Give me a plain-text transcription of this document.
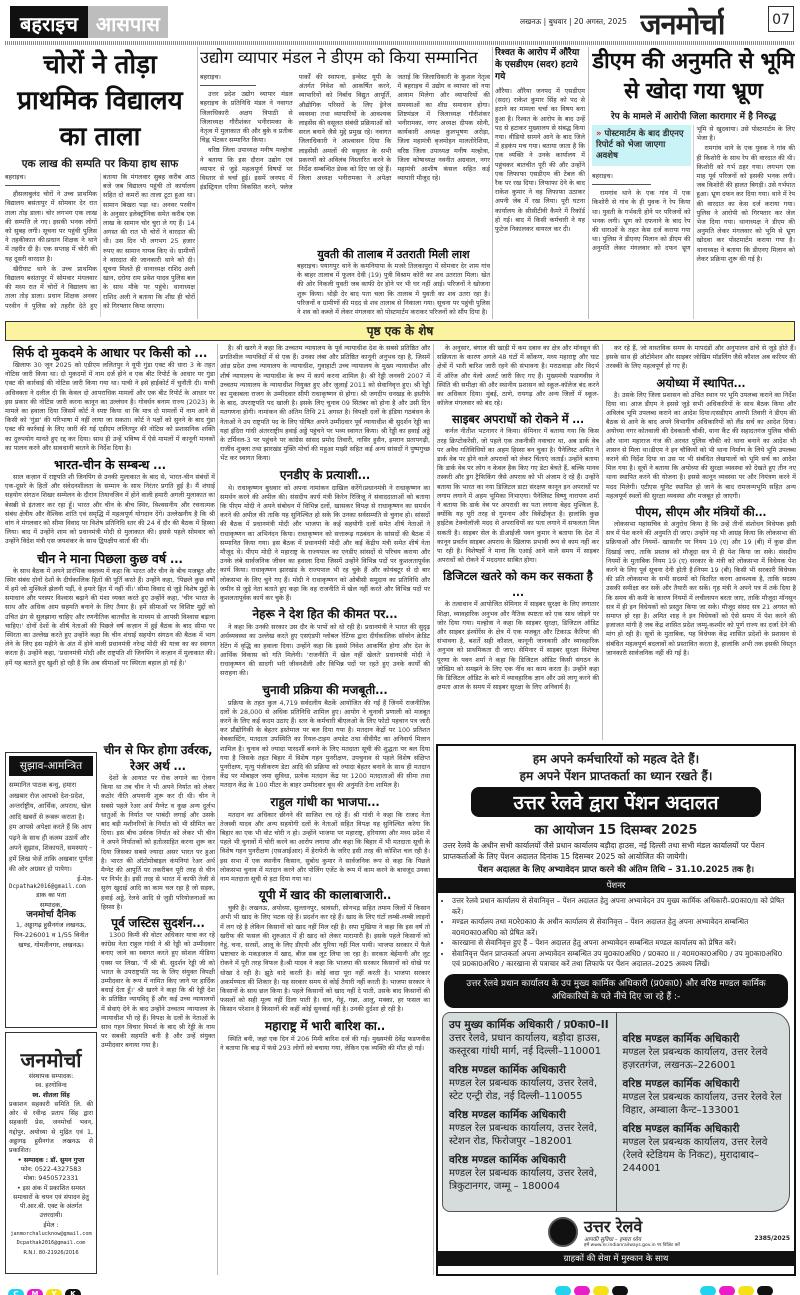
बहराइच आसपास	लखनऊ | बुधवार | 20 अगस्त, 2025 जनमोर्चा	07
चोरों ने तोड़ा प्राथमिक विद्यालय का ताला
एक लाख की सम्पति पर किया हाथ साफ
बहराइच।

हौसलाबुलंद चोरों ने उच्च प्राथमिक विद्यालय बसंतापुर में सोमवार देर रात ताला तोड़ डाला। चोर लगभग एक लाख की सम्पत्ति ले गए। इसकी भनक लोगों को सुबह लगी। सूचना पर पहुंची पुलिस ने तहकीकात की।प्रधान शिक्षक ने थाने में तहरीर दी है। एक सप्ताह में चोरी की यह दूसरी वारदात है।

खैरीघाट थाने के उच्च प्राथमिक विद्यालय बसंतापुर में सोमवार मंगलवार की मध्य रात में चोरों ने विद्यालय का ताला तोड़ डाला। प्रधान शिक्षक अनवर परवीन ने पुलिस को तहरीर देते हुए बताया कि मंगलवार सुबह करीब आठ बजे जब विद्यालय पहुंची तो कार्यालय सहित दो कमरों का ताला टूटा हुआ था। सामान बिखरा पड़ा था। अनवर परवीन के अनुसार इलेक्ट्रॉनिक समेत करीब एक लाख के सामान चोर चुरा ले गए हैं। 14 अगस्त की रात भी चोरों ने वारदात की थी। उस दिन भी लगभग 25 हजार रुपए का सामान गायब किए थे। ग्रामीणों ने वारदात की जानकारी थाने को दी। सूचना मिलते ही थानाध्यक्ष राशिद अली खान, दरोगा राम प्रवेश यादव पुलिस बल के साथ मौके पर पहुंचे। थानाध्यक्ष राशिद अली ने बताया कि शीघ्र ही चोरों को गिरफ्तार किया जाएगा।

उद्योग व्यापार मंडल ने डीएम को किया सम्मानित
बहराइच।

उत्तर प्रदेश उद्योग व्यापार मंडल बहराइच के प्रतिनिधि मंडल ने नवागत जिलाधिकारी अक्षय त्रिपाठी से जिलाध्यक्ष गौरीशंकर भनीरामका के नेतृत्व में मुलाकात की और बुके व प्रतीक चिह्न भेंटकर सम्मानित किया।

वरिष्ठ जिला उपाध्यक्ष मनीष मल्होत्रा ने बताया कि इस दौरान उद्योग एवं व्यापार से जुड़े महत्वपूर्ण विषयों पर विस्तार से चर्चा हुई। इसमें जनपद में इंडस्ट्रियल एरिया विकसित करने, फ्लेज पार्कों की स्थापना, इन्वेस्ट यूपी के अंतर्गत निवेश को आकर्षित करने, व्यापारियों को निर्बाध विद्युत आपूर्ति, औद्योगिक परिसरों के लिए ड्रेनेज व्यवस्था तथा व्यापारियों के आवश्यक लाइसेंस की वसूलत संबंधी प्रक्रियाओं को सरल बनाने जैसे मुद्दे प्रमुख रहे। नवागत जिलाधिकारी ने आश्वासन दिया कि लाइसेंसी अमलों की वसूलत के सभी प्रकरणों को अविलंब निस्तारित करने के निर्देश सम्बन्धित डेस्क को दिए जा रहे हैं। जिला अध्यक्ष भनीरामका ने अपेक्षा जताई कि जिलाधिकारी के कुशल नेतृत्व में बहराइच में उद्योग व व्यापार को नया आयाम मिलेगा और व्यापारियों की समस्याओं का शीघ्र समाधान होगा। शिष्टमंडल में जिलाध्यक्ष गौरीशंकर भनीरामका, नगर अध्यक्ष दीपक सोनी, कार्यकारी अध्यक्ष कुलभूषण अरोड़ा, जिला महामंत्री बृजमोहन मालतोरेशिया, वरिष्ठ जिला उपाध्यक्ष मनीष मल्होत्रा, जिला कोषाध्यक्ष नवनीत अग्रवाल, नगर महामंत्री आशीष कंसल सहित कई व्यापारी मौजूद रहे।

युवती की तालाब में उतराती मिली लाश
बहराइच। पयागपुर थाने के कमनियापा के मजरे तिलकापुरा में सोमवार देर शाम गांव के बाहर तालाब में फूलन देवी (19) पुत्री विश्राम कोरी का शव उतराता मिला। खेत की ओर निकली युवती जब काफी देर होने पर भी घर नहीं आई। परिजनों ने खोजना शुरू किया। थोड़ी देर बाद पता चला कि तालाब में युवती का शव उतरा रहा है। परिजनों व ग्रामीणों की मदद से शव तालाब से निकाला गया। सूचना पर पहुंची पुलिस ने शव को कब्जे में लेकर मंगलवार को पोस्टमार्टम कराकर परिजनों को सौंप दिया है।
रिश्वत के आरोप में औरैया के एसडीएम (सदर) हटाये गये
औरैया। औरैया जनपद में एसडीएम (सदर) राकेश कुमार सिंह को पद से हटाने का मामला चर्चा का विषय बना हुआ है। रिश्वत के आरोप के बाद उन्हें पद से हटाकर मुख्यालय से संबद्ध किया गया। वीडियो सामने आने के बाद जिले में हड़कंप मच गया। बताया जाता है कि एक व्यक्ति ने उनके कार्यालय में पहुंचकर बातचीत पूरी की और उन्होंने एक लिफाफा एसडीएम की टेबल की रैक पर रख दिया। लिफाफा देने के बाद राकेश कुमार ने वह लिफाफा उठाकर अपनी जेब में रख लिया। पूरी घटना कार्यालय के सीसीटीवी कैमरे में रिकॉर्ड हो गई। बाद में किसी कर्मचारी ने यह फुटेज निकालकर वायरल कर दी।
डीएम की अनुमति से भूमि से खोदा गया भ्रूण
रेप के मामले में आरोपी जिला कारागार में है निरुद्ध
» पोस्टमार्टम के बाद डीएनए रिपोर्ट को भेजा जाएगा अवशेष
बहराइच।

रामगांव थाने के एक गांव में एक किशोरी से गांव के ही युवक ने रेप किया था। युवती के गर्भवती होने पर परिजनों को भनक लगी। भ्रूण को दफनाने के बाद रेप की धाराओं के तहत केस दर्ज कराया गया था। पुलिस ने डीएनए मिलान को डीएम की अनुमति लेकर मंगलवार को दफन भ्रूण भूमि से खुदवाया। उसे पोस्टमार्टम के लिए भेजा है।

रामगांव थाने के एक युवक ने गांव की ही किशोरी के साथ रेप की वारदात की थी। किशोरी को गर्भ ठहर गया। लगभग एक माह पूर्व परिजनों को इसकी भनक लगी। जब किशोरी की हालत बिगड़ी। उसे गर्भपात हुआ। भ्रूण दफन कर दिया गया। थाने में रेप की वारदात का केस दर्ज कराया गया। पुलिस ने आरोपी को गिरफ्तार कर जेल भेज दिया गया। थानाध्यक्ष ने डीएम की अनुमति लेकर मंगलवार को भूमि से भ्रूण खोदवा कर पोस्टमार्टम कराया गया है। थानाध्यक्ष ने बताया कि डीएनए मिलान को लेकर प्रक्रिया शुरू की गई है।

पृष्ठ एक के शेष
सिर्फ दो मुकदमे के आधार पर किसी को ...

खिलाफ 30 जून 2025 को एडीएम ललितपुर ने यूपी गुंडा एक्ट की धारा 3 के तहत नोटिस जारी किया था। दो मुकदमों में नाम दर्ज होने व एक बीट रिपोर्ट के आधार पर गुंडा एक्ट की कार्रवाई की नोटिस जारी किया गया था। याची ने इसे हाईकोर्ट में चुनौती दी। याची अधिवक्ता ने दलील दी कि केवल दो आपराधिक मामलों और एक बीट रिपोर्ट के आधार पर इस प्रकार की नोटिस जारी करना कानून का उल्लंघन है। गोवर्धन बनाम राज्य (2023) के मामले का हवाला दिया जिसमें कोर्ट ने स्पष्ट किया था कि मात्र दो मामलों में नाम आने से किसी को 'गुंडा' की परिभाषा में नहीं लाया जा सकता। कोर्ट ने पक्षों को सुनने के बाद गुंडा एक्ट की कार्रवाई के लिए जारी की गई एडीएम ललितपुर की नोटिस को प्रशासनिक शक्ति का दुरुपयोग मानते हुए रद्द कर दिया। साथ ही उन्हें भविष्य में ऐसे मामलों में कानूनी मानकों का पालन करने और सावधानी बरतने के निर्देश दिया है।

भारत-चीन के सम्बन्ध ...

साल कज़ान में राष्ट्रपति शी जिनपिंग से उनकी मुलाकात के बाद से, भारत-चीन संबंधों में एक-दूसरे के हितों और संवेदनशीलता के सम्मान के साथ निरंतर प्रगति हुई है। मैं शंघाई सहयोग संगठन शिखर सम्मेलन के दौरान तियानजिन में होने वाली हमारी अगली मुलाकात का बेसब्री से इंतजार कर रहा हूँ। भारत और चीन के बीच स्थिर, विश्वसनीय और रचनात्मक संबंध क्षेत्रीय और वैश्विक शांति एवं समृद्धि में महत्वपूर्ण योगदान देंगे। उल्लेखनीय है कि श्री वांग ने मंगलवार को सीमा विवाद पर विशेष प्रतिनिधि स्तर की 24 वें दौर की बैठक में हिस्सा लिया। बाद में उन्होंने शाम को प्रधानमंत्री मोदी से मुलाकात की। इससे पहले सोमवार को उन्होंने विदेश मंत्री एस जयशंकर के साथ द्विपक्षीय वार्ता की थी।

चीन ने माना पिछला कुछ वर्ष ...

के साथ बैठक में अपने प्रारंभिक वक्तव्य में कहा कि भारत और चीन के बीच मजबूत और स्थिर संबंध दोनों देशों के दीर्घकालिक हितों की पूर्ति करते हैं। उन्होंने कहा, 'पिछले कुछ वर्षों में हमें जो मुश्किलें झेलनी पड़ीं, वे हमारे हित में नहीं थीं।' सीमा विवाद से जुड़े विशेष मुद्दों के समाधान और परस्पर विश्वास बढ़ाने की मंशा व्यक्त करते हुए उन्होंने कहा, 'चीन भारत के साथ और अधिक आम सहमति बनाने के लिए तैयार है। हमें सीमाओं पर विशिष्ट मुद्दों को उचित ढंग से सुलझाना चाहिए और रणनीतिक बातचीत के माध्यम से आपसी विश्वास बढ़ाना चाहिए।' दोनों देशों के शीर्ष नेताओं की पिछले वर्ष कज़ान में हुई बैठक के बाद सीमा पर स्थिरता का उल्लेख करते हुए उन्होंने कहा कि चीन शंघाई सहयोग संगठन की बैठक में भाग लेने के लिए इस महीने के अंत में होने वाली प्रधानमंत्री नरेन्द्र मोदी की यात्रा का का स्वागत करता है। उन्होंने कहा, 'प्रधानमंत्री मोदी और राष्ट्रपति शी जिनपिंग ने कज़ान में मुलाकात की। हमें यह बताते हुए खुशी हो रही है कि अब सीमाओं पर स्थिरता बहाल हो गई है।'

सुझाव-आमन्त्रित
सम्मानित पाठक बन्धु, हमारा अखबार रोज आपको देश-प्रदेश, अन्तर्राष्ट्रीय, आर्थिक, अपराध, खेल आदि खबरों से रूबरू कराता है। हम आपसे अपेक्षा करते हैं कि आप पढ़ने के साथ ही कलम उठायें और अपने सुझाव, शिकायतें, समस्याएं - हमें लिख भेजें ताकि अखबार पूर्णता की ओर अग्रसर हो पायेगा।
ई-मेल-
Dcpathak2016@gmail.com
डाक का पता
सम्पादक,
जनमोर्चा दैनिक
1, अड्डागढ़ हुसैनगंज लखनऊ, पिन-226001 व 1/55 विनीत खण्ड, गोमतीनगर, लखनऊ।
जनमोर्चा
संस्थापक सम्पादक:
स्व. हरगोविन्द
स्व. शीतला सिंह
प्रकाशन सहकारी समिति लि. की ओर से रवीन्द्र प्रताप सिंह द्वारा सहकारी प्रेस, जनमोर्चा भवन, गद्दोपुर, अयोध्या से मुद्रित एवं 1, अड्डागढ़ हुसैनगंज लखनऊ से प्रकाशित।
• सम्पादक : डॉ. सुमन गुप्ता
फोन: 0522-4327583
मोबा: 9450572331
• इस अंक में प्रकाशित समस्त समाचारों के चयन एवं संपादन हेतु पी.आर.बी. एक्ट के अंतर्गत उत्तरदायी।
ईमेल :
janmorchalucknow@gmail.com
Dcpathak2016@gmail.com
R.N.I. 80-21926/2016
चीन से फिर होगा उर्वरक, रेअर अर्थ ...

देशों के आयात पर रोक लगाने का ऐलान किया था तब चीन ने भी अपने निर्यात को लेकर कठोर नीति अपनानी शुरू कर दी थी। चीन ने सबसे पहले रेअर अर्थ मैग्नेट व कुछ अन्य दुर्लभ धातुओं के निर्यात पर पाबंदी लगाई और उसके बाद बड़ी मशीनरियों के निर्यात को भी सीमित कर दिया। इस बीच उर्वरक निर्यात को लेकर भी चीन ने अपने निर्यातकों को हतोत्साहित करना शुरू कर दिया जिसका सबसे ज्यादा असर भारत पर हुआ है। भारत की ऑटोमोबाइल कंपनियां रेअर अर्थ मैग्नेट की आपूर्ति पर तकरीबन पूरी तरह से चीन पर निर्भर है। इसी तरह से भारत में काफी तेजी से सुरंग खुदाई आदि का काम चल रहा है जो सड़क, हवाई अड्डे, रेलवे आदि से जुड़ी परियोजनाओं का हिस्सा है।

पूर्व जस्टिस सुदर्शन...

1300 किमी की वोटर अधिकार यात्रा कर रहे कांग्रेस नेता राहुल गांधी ने श्री रेड्डी को उम्मीदवार बनाए जाने का स्वागत करते हुए सोशल मीडिया एक्स पर लिखा, 'मैं श्री बी. सुदर्शन रेड्डी जी को भारत के उपराष्ट्रपति पद के लिए संयुक्त विपक्षी उम्मीदवार के रूप में नामित किए जाने पर हार्दिक बधाई देता हूँ।' श्री खरगे ने कहा कि श्री रेड्डी देश के प्रतिष्ठित न्यायविद् हैं और कई उच्च न्यायालयों में सेवाएं देने के बाद उन्होंने उच्चतम न्यायालय के न्यायाधीश भी रहे हैं। विपक्ष के दलों के नेताओं के साथ गहन विचार विमर्श के बाद श्री रेड्डी के नाम पर सबकी सहमति बनी है और उन्हें संयुक्त उम्मीदवार बनाया गया है।

है। श्री खरगे ने कहा कि उच्चतम न्यायालय के पूर्व न्यायाधीश देश के सबसे प्रतिष्ठित और प्रगतिशील न्यायविदों में से एक हैं। उनका लंबा और प्रतिष्ठित कानूनी अनुभव रहा है, जिसमें आंध्र प्रदेश उच्च न्यायालय के न्यायाधीश, गुवाहाटी उच्च न्यायालय के मुख्य न्यायाधीश और शीर्ष न्यायालय के न्यायाधीश के रूप में कार्य करना शामिल है। श्री रेड्डी जनवरी 2007 में उच्चतम न्यायालय के न्यायाधीश नियुक्त हुए और जुलाई 2011 को सेवानिवृत्त हुए। श्री रेड्डी का मुकाबला राजग के उम्मीदवार सीपी राधाकृष्णन से होगा। श्री जगदीप धनखड़ के इस्तीफे के बाद, उपराष्ट्रपति पद खाली है। इसके लिए चुनाव 09 सितंबर को होना है और उसी दिन मतगणना होगी। नामांकन की अंतिम तिथि 21 अगस्त है। विपक्षी दलों के इंडिया गठबंधन के नेताओं ने उप राष्ट्रपति पद के लिए घोषित अपने उम्मीदवार पूर्व न्यायाधीश बी सुदर्शन रेड्डी का यहां इंदिरा गांधी अंतरराष्ट्रीय हवाई अड्डे पहुंचने पर भव्य स्वागत किया। श्री रेड्डी का हवाई अड्डे के टर्मिनल-3 पर पहुंचने पर कांग्रेस सांसद प्रमोद तिवारी, नासिर हुसैन, इमरान प्रतापगढ़ी, राजीव शुक्ला तथा झारखंड मुक्ति मोर्चा की महुआ माझी सहित कई अन्य सांसदों ने पुष्पगुच्छ भेंट कर स्वागत किया।

एनडीए के प्रत्याशी...

थे। राधाकृष्णन बुधवार को अपना नामांकन दाखिल करेंगे।प्रधानमंत्री ने राधाकृष्णन का समर्थन करने की अपील की। संसदीय कार्य मंत्री किरेन रिजिजू ने संवाददाताओं को बताया कि पीएम मोदी ने अपने संबोधन में विभिन्न दलों, खासकर विपक्ष से राधाकृष्णन का समर्थन करने की अपील की ताकि यह सुनिश्चित हो सके कि उनका सर्वसम्मति से चुनाव हो। सांसदों की बैठक में प्रधानमंत्री मोदी और भाजपा के कई सहयोगी दलों समेत शीर्ष नेताओं ने राधाकृष्णन का अभिनंदन किया। राधाकृष्णन को सत्तारूढ़ गठबंधन के सांसदों की बैठक में सम्मानित किया गया। इस बैठक में प्रधानमंत्री मोदी और कई केंद्रीय मंत्री समेत शीर्ष नेता मौजूद थे। पीएम मोदी ने महाराष्ट्र के राज्यपाल का एनडीए सांसदों से परिचय कराया और उनके लंबे सार्वजनिक जीवन का हवाला दिया जिसमें उन्होंने विभिन्न पदों पर कुशलतापूर्वक कार्य किया। राधाकृष्णन झारखंड के राज्यपाल भी रह चुके हैं और कोयंबटूर से दो बार लोकसभा के लिए चुने गए हैं। मोदी ने राधाकृष्णन को ओबीसी समुदाय का प्रतिनिधि और जमीन से जुड़े नेता बताते हुए कहा कि वह राजनीति में खेल नहीं करते और विभिन्न पदों पर कुशलतापूर्वक कार्य कर चुके हैं।

नेहरू ने देश हित की कीमत पर...

ने कहा कि उनकी सरकार उस दौर के पापों को धो रही है। प्रधानमंत्री ने भारत की सुदृढ़ अर्थव्यवस्था का उल्लेख करते हुए एसएंडपी ग्लोबल रेटिंग्स द्वारा दीर्घकालिक सॉवरेन क्रेडिट रेटिंग में वृद्धि का हवाला दिया। उन्होंने कहा कि इससे निवेश आकर्षित होगा और देश के आर्थिक विकास को गति मिलेगी। 'राजनीति में खेल नहीं खेलते' प्रधानमंत्री मोदी ने राधाकृष्णन की सादगी भरी जीवनशैली और विभिन्न पदों पर रहते हुए उनके कार्यों की सराहना की।

चुनावी प्रक्रिया की मजबूती...

प्रक्रिया के तहत कुल 4,719 सर्वदलीय बैठकें आयोजित की गईं हैं जिनमें राजनीतिक दलों के 28,000 से अधिक प्रतिनिधि शामिल हुए। आयोग ने चुनावी प्रणाली को मजबूत करने के लिए कई कदम उठाए हैं। स्तर के कर्मचारी बीएलओ के लिए फोटो पहचान पत्र जारी कर प्रौद्योगिकी के बेहतर इस्तेमाल पर बल दिया गया है। मतदान केंद्रों पर 100 प्रतिशत वेबकास्टिंग, मतदाता उपस्थिति का रियल-टाइम अपडेट तथा वीवीपैट का अनिवार्य मिलान शामिल है। चुनाव को ज्यादा पारदर्शी बनाने के लिए मतदाता सूची की शुद्धता पर बल दिया गया है जिसके तहत बिहार में विशेष गहन पुनरीक्षण, उपचुनाव से पहले विशेष संक्षिप्त पुनरीक्षण, मृत्यु पंजीकरण डेटा आदि की प्रक्रिया को ज्यादा बेहतर बनाने के साथ ही मतदान केंद्र पर मोबाइल जमा सुविधा, प्रत्येक मतदान केंद्र पर 1200 मतदाताओं की सीमा तथा मतदान केंद्र के 100 मीटर के बाहर उम्मीदवार बूथ की अनुमति देना शामिल है।

राहुल गांधी का भाजपा...

मतदान का अधिकार छीनने की साजिश रच रहे हैं। श्री गांधी ने कहा कि राजद नेता तेजस्वी यादव और अन्य सहयोगी दलों के नेताओं सहित विपक्ष यह सुनिश्चित करेगा कि बिहार का एक भी वोट चोरी न हो। उन्होंने भाजपा पर महाराष्ट्र, हरियाणा और मध्य प्रदेश में पहले भी चुनावों में चोरी करने का आरोप लगाया और कहा कि बिहार में भी मतदाता सूची के विशेष गहन पुनरीक्षण (एसआईआर) में हेराफेरी के जरिए इसी तरह की कोशिश चल रही है। इस सभा में एक स्थानीय किसान, सुबोध कुमार ने सार्वजनिक रूप से कहा कि पिछले लोकसभा चुनाव में मतदान करने और पोलिंग एजेंट के रूप में काम करने के बावजूद उनका नाम मतदाता सूची से हटा दिया गया था।

यूपी में खाद की कालाबाजारी..

चुकी है। लखनऊ, अयोध्या, सुल्तानपुर, श्रावस्ती, सोनभद्र सहित तमाम जिलों में किसान अभी भी खाद के लिए भटक रहे हैं। प्रदर्शन कर रहे हैं। खाद के लिए घंटों लम्बी-लम्बी लाइनों में लग रहे है लेकिन किसानों को खाद नहीं मिल रही है। सपा मुखिया ने कहा कि इस वर्ष तो खरीफ की फसल की शुरुआत में ही खाद को लेकर मारामारी है। इसके पहले किसानों को गेहूं, चना, सरसों, आलू के लिए डीएपी और यूरिया नहीं मिल पायी। भाजपा सरकार में फैले भ्रष्टाचार के मकड़जाल में खाद, बीज सब लूट लिया जा रहा है। सरकार बेईमानी और लूट रोकने में पूरी तरह विफल है।श्री यादव ने कहा कि भाजपा की सरकार किसानों को धोखे पर धोखा दे रही है। झूठे वादे करती है। कोई वादा पूरा नहीं करती है। भाजपा सरकार अकर्मण्यता की शिकार है। यह सरकार समय से कोई तैयारी नहीं करती है। भाजपा सरकार ने किसानों के साथ छल किया है। पहले किसानों को खाद नहीं दे पाती, उसके बाद किसानों की फसलों को सही मूल्य नहीं दिला पाती है। धान, गेहूं, गन्ना, आलू, मक्का, हर फसल का किसान परेशान है किसानों की कहीं कोई सुनवाई नहीं है। उनकी दुर्दशा हो रही है।

महाराष्ट्र में भारी बारिश का..

स्थिति बनी, जहां एक दिन में 206 मिमी बारिश दर्ज की गई। मुख्यमंत्री देवेंद्र फडणवीस ने बताया कि बाढ़ में फंसे 293 लोगों को बचाया गया, लेकिन एक व्यक्ति की मौत हो गई।

के अनुसार, बंगाल की खाड़ी में कम दबाव का क्षेत्र और मॉनसून की सक्रियता के कारण अगले 48 घंटों में कोंकण, मध्य महाराष्ट्र और घाट क्षेत्रों में भारी बारिश जारी रहने की संभावना है। मराठवाड़ा और विदर्भ में ऑरेंज और येलो अलर्ट जारी किए गए हैं। मुख्यमंत्री फडणवीस ने स्थिति की समीक्षा की और स्थानीय प्रशासन को स्कूल-कॉलेज बंद करने का अधिकार दिया। मुंबई, ठाणे, रायगढ़ और अन्य जिलों में स्कूल-कॉलेज मंगलवार को बंद रहे।

साइबर अपराधों को रोकने में ...

कर्नल नीतीश भटनागर ने किया। सेमिनार में बताया गया कि किस तरह क्रिप्टोकरेंसी, जो पहले एक तकनीकी नवाचार था, अब डार्क वेब पर अवैध गतिविधियों का अहम हिस्सा बन चुका है। पैनेलिस्ट अमित ने डार्क वेब पर होने वाले अपराधों को लेकर चिंताएं जताईं। उन्होंने बताया कि डार्क वेब पर लोग न केवल हैक किए गए डेटा बेचते हैं, बल्कि मानव तस्करी और ड्रग ट्रैफिकिंग जैसे अपराध को भी अंजाम दे रहे हैं। उन्होंने बताया कि भारत का नया डिजिटल डाटा संरक्षण कानून इन अपराधों पर लगाम लगाने में अहम भूमिका निभाएगा। पैनेलिस्ट विष्णु नारायण शर्मा ने बताया कि डार्क वेब पर अपराधी का पता लगाना बेहद मुश्किल है, क्योंकि यह पूरी तरह से गुमनाम और विकेंद्रीकृत है। हालांकि कुछ हाईटेक टेक्नोलॉजी मदद से अपराधियों का पता लगाने में सफलता मिल सकती है। साइबर सेल के डीआईजी पवन कुमार ने बताया कि देश में कानून प्रवर्तन साइबर अपराध के खिलाफ प्रभावी रूप से काम नहीं कर पा रही है। विशेषज्ञों ने माना कि एआई आने वाले समय में साइबर अपराधों को रोकने में मददगार साबित होगा।

डिजिटल खतरे को कम कर सकता है ...

के तत्वाधान में आयोजित सेमिनार में साइबर सुरक्षा के लिए लगातार शिक्षा, व्यावहारिक अनुभव और नैतिक स्पष्टता को एक साथ जोड़ने पर जोर दिया गया। मल्होत्रा ने कहा कि साइबर सुरक्षा, डिजिटल ऑडिट और साइबर इंश्योरेंस के क्षेत्र में एक मजबूत और टिकाऊ कैरियर की संभावना है, बशर्ते सही कौशल, कानूनी जानकारी और व्यावहारिक अनुभव को प्राथमिकता दी जाए। सेमिनार में साइबर सुरक्षा विशेषज्ञ पूरणा के पवन शर्मा ने कहा कि डिजिटल ऑडिट किसी संगठन के जोखिम को समझने के लिए एक नींव का काम करता है। उन्होंने कहा कि डिजिटल ऑडिट के बारे में व्यावहारिक ज्ञान और उसे लागू करने की क्षमता आज के समय में साइबर सुरक्षा के लिए अनिवार्य है।

कर रहे हैं, जो वास्तविक समय के मापदंडों और अनुपालन ढांचे से जुड़े होते हैं। इसके साथ ही ऑटोमेशन और साइबर जोखिम मॉडलिंग जैसे कौशल अब करियर की तरक्की के लिए महत्वपूर्ण हो गए हैं।

अयोध्या में स्थापित...

है। उसके लिए जिला प्रशासन को उचित स्थान पर भूमि उपलब्ध कराने का निर्देश दिया था। आज डीएम ने इससे जुड़े सभी अधिकारियों के साथ बैठक किया और अविलंब भूमि उपलब्ध कराने का आदेश दिया।एसडीएम आरपी तिवारी ने डीएम की बैठक से आने के बाद अपने विभागीय अधिकारियों को लैंड सर्च का आदेश दिया। अयोध्या नगर कोतवाली की देवकाली चौकी, थाना कैंट की सहादतगंज पुलिस चौकी और थाना महाराज गंज की अरवत पुलिस चौकी को थाना बनाने का आदेश भी शासन से मिला था।डीएम ने इन चौकियों को भी थाना निर्माण के लिये भूमि उपलब्ध कराने की निर्देश दिया था उस पर भी संबंधित लेखपालों को भूमि सर्च का आदेश मिल गया है। सूत्रों ने बताया कि अयोध्या की सुरक्षा व्यवस्था को देखते हुए तीन नए थाना स्थापित करने की योजना है। इससे कानून व्यवस्था पर और नियंत्रण करने में मदद मिलेगी। एटीएस यूनिट स्थापित हो जाने के बाद रामजन्मभूमि सहित अन्य महत्वपूर्ण स्थलों की सुरक्षा व्यवस्था और मजबूत हो जाएगी।

पीएम, सीएम और मंत्रियों की...

लोकसभा महासचिव से अनुरोध किया है कि उन्हें तीनों संशोधन विधेयक इसी सत्र में पेश करने की अनुमति दी जाए। उन्होंने यह भी आग्रह किया कि लोकसभा की प्रक्रियाओं और नियमों- खासतौर पर नियम 19 (ए) और 19 (बी) में कुछ ढील दिखाई जाए, ताकि प्रस्ताव को मौजूदा सत्र में ही पेश किया जा सके। संसदीय नियमों के मुताबिक नियम 19 (ए) सरकार के मंत्री को लोकसभा में विधेयक पेश करने के लिए पूर्व सूचना देनी होती है।नियम 19 (बी) किसी भी सरकारी विधेयक की प्रति लोकसभा के सभी सदस्यों को वितरित करना आवश्यक है, ताकि सदस्य उसकी समीक्षा कर सकें और तैयारी कर सकें। गृह मंत्री ने अपने पत्र में तर्क दिया है कि समय की कमी के कारण नियमों में लचीलापन बरता जाए, ताकि मौजूदा मॉनसून सत्र में ही इन विधेयकों को प्रस्तुत किया जा सके। मौजूद संसद सत्र 21 अगस्त को समाप्त हो रहा है। अमित शाह ने इन विधेयकों को ऐसे समय में पेश करने की इजाजत मांगी है जब केंद्र शासित प्रदेश जम्मू-कश्मीर को पूर्ण राज्य का दर्जा देने की मांग हो रही है। सूत्रों के मुताबिक, यह विधेयक केंद्र शासित प्रदेशों के प्रशासन से संबंधित महत्वपूर्ण बदलावों को प्रस्तावित करता है, हालांकि अभी तक इसकी विस्तृत जानकारी सार्वजनिक नहीं की गई है।

हम अपने कर्मचारियों को महत्व देते हैं।
हम अपने पेंशन प्राप्तकर्ता का ध्यान रखते हैं।
उत्तर रेलवे द्वारा पेंशन अदालत
का आयोजन 15 दिसम्बर 2025
उत्तर रेलवे के अधीन सभी कार्यालयों जैसे प्रधान कार्यालय बड़ौदा हाउस, नई दिल्ली तथा सभी मंडल कार्यालयों पर पेंशन प्राप्तकर्ताओं के लिए पेंशन अदालत दिनांक 15 दिसम्बर 2025 को आयोजित की जायेगी।
पेंशन अदालत के लिए अभ्यावेदन प्राप्त करने की अंतिम तिथि – 31.10.2025 तक है।
पेंशनर
• उत्तर रेलवे प्रधान कार्यालय से सेवानिवृत्त – पेंशन अदालत हेतु अपना अभ्यावेदन उप मुख्य कार्मिक अधिकारी–प्र0का0/II को प्रेषित करें।
• मण्डल कार्यालय तथा म0रे0का0 के अधीन कार्यालय से सेवानिवृत्त – पेंशन अदालत हेतु अपना अभ्यावेदन सम्बन्धित व0म0का0अधि0 को प्रेषित करें।
• कारखाना से सेवानिवृत्त हुए हैं – पेंशन अदालत हेतु अपना अभ्यावेदन सम्बन्धित मण्डल कार्यालय को प्रेषित करें।
• सेवानिवृत्त पेंशन प्राप्तकर्ता अपना अभ्यावेदन सम्बन्धित उप मु0का0अधि0 / प्र0का0 II / व0म0का0अधि0 / उप मु0का0अधि0 एवं प्र0का0अधि0 / कारखाना से पत्राचार करें तथा लिफाफे पर पेंशन अदालत–2025 अवश्य लिखें।
उत्तर रेलवे प्रधान कार्यालय के उप मुख्य कार्मिक अधिकारी (प्र0का0) और वरिष्ठ मण्डल कार्मिक अधिकारियों के पते नीचे दिए जा रहे हैं :-
उप मुख्य कार्मिक अधिकारी / प्र0का0–II
उत्तर रेलवे, प्रधान कार्यालय, बड़ौदा हाउस, कस्तूरबा गांधी मार्ग, नई दिल्ली–110001
वरिष्ठ मण्डल कार्मिक अधिकारी
मण्डल रेल प्रबन्धक कार्यालय, उत्तर रेलवे, स्टेट एन्ट्री रोड, नई दिल्ली–110055
वरिष्ठ मण्डल कार्मिक अधिकारी
मण्डल रेल प्रबन्धक कार्यालय, उत्तर रेलवे, स्टेशन रोड, फिरोजपुर –182001
वरिष्ठ मण्डल कार्मिक अधिकारी
मण्डल रेल प्रबन्धक कार्यालय, उत्तर रेलवे, त्रिकुटानगर, जम्मू – 180004
वरिष्ठ मण्डल कार्मिक अधिकारी
मण्डल रेल प्रबन्धक कार्यालय, उत्तर रेलवे हज़रतगंज, लखनऊ–226001
वरिष्ठ मण्डल कार्मिक अधिकारी
मण्डल रेल प्रबन्धक कार्यालय, उत्तर रेलवे रेल विहार, अम्बाला कैन्ट–133001
वरिष्ठ मण्डल कार्मिक अधिकारी
मण्डल रेल प्रबन्धक कार्यालय, उत्तर रेलवे (रेलवे स्टेडियम के निकट), मुरादाबाद–244001
उत्तर रेलवे
आपकी सुविधा – हमारा ध्येय
हमें www.nr.indianrailways.gov.in पर विज़िट करें
2385/2025
ग्राहकों की सेवा में मुस्कान के साथ
C M Y K
